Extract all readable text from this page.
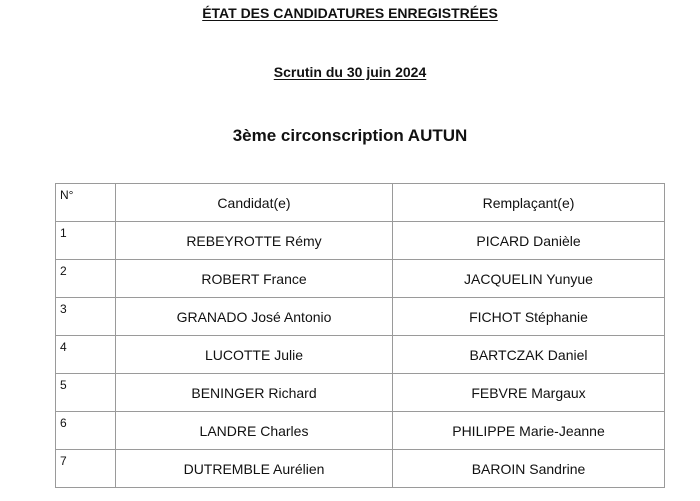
ÉTAT DES CANDIDATURES ENREGISTRÉES
Scrutin du 30 juin 2024
3ème circonscription AUTUN
N°	Candidat(e)	Remplaçant(e)
1	REBEYROTTE Rémy	PICARD Danièle
2	ROBERT France	JACQUELIN Yunyue
3	GRANADO José Antonio	FICHOT Stéphanie
4	LUCOTTE Julie	BARTCZAK Daniel
5	BENINGER Richard	FEBVRE Margaux
6	LANDRE Charles	PHILIPPE Marie-Jeanne
7	DUTREMBLE Aurélien	BAROIN Sandrine
